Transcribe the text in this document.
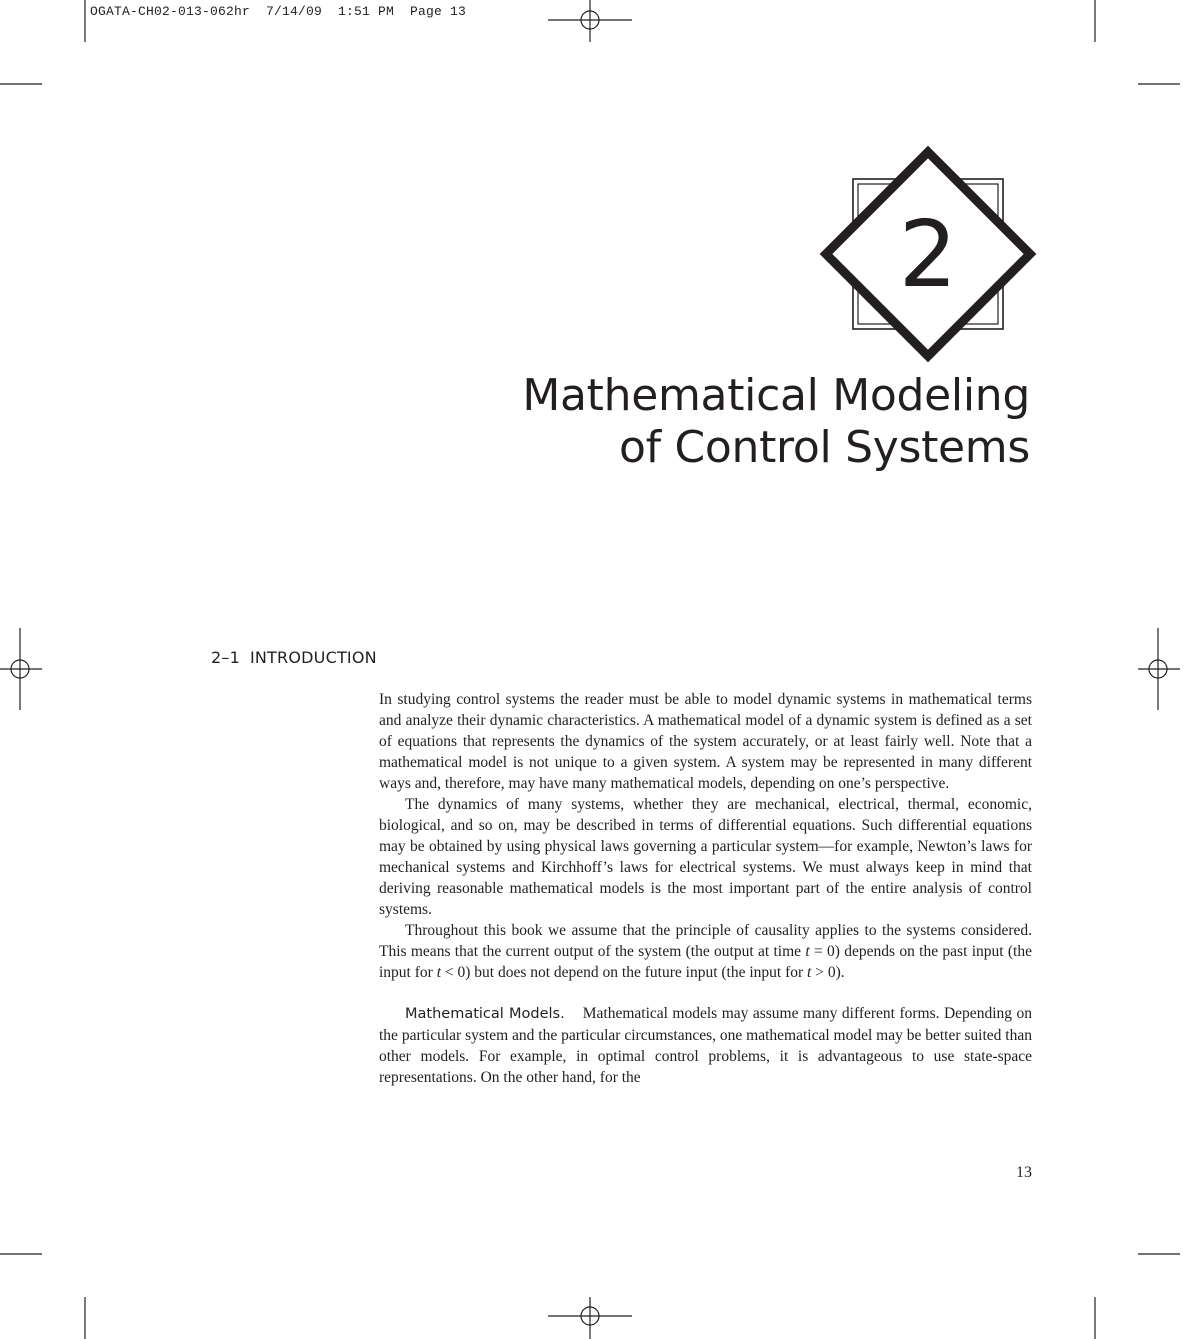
OGATA-CH02-013-062hr  7/14/09  1:51 PM  Page 13
2
Mathematical Modeling
of Control Systems
2–1 INTRODUCTION

In studying control systems the reader must be able to model dynamic systems in mathematical terms and analyze their dynamic characteristics. A mathematical model of a dynamic system is defined as a set of equations that represents the dynamics of the system accurately, or at least fairly well. Note that a mathematical model is not unique to a given system. A system may be represented in many different ways and, therefore, may have many mathematical models, depending on one’s perspective.

The dynamics of many systems, whether they are mechanical, electrical, thermal, economic, biological, and so on, may be described in terms of differential equations. Such differential equations may be obtained by using physical laws governing a particular system—for example, Newton’s laws for mechanical systems and Kirchhoff’s laws for electrical systems. We must always keep in mind that deriving reasonable mathematical models is the most important part of the entire analysis of control systems.

Throughout this book we assume that the principle of causality applies to the systems considered. This means that the current output of the system (the output at time t = 0) depends on the past input (the input for t < 0) but does not depend on the future input (the input for t > 0).

Mathematical Models. Mathematical models may assume many different forms. Depending on the particular system and the particular circumstances, one mathematical model may be better suited than other models. For example, in optimal control problems, it is advantageous to use state-space representations. On the other hand, for the

13
